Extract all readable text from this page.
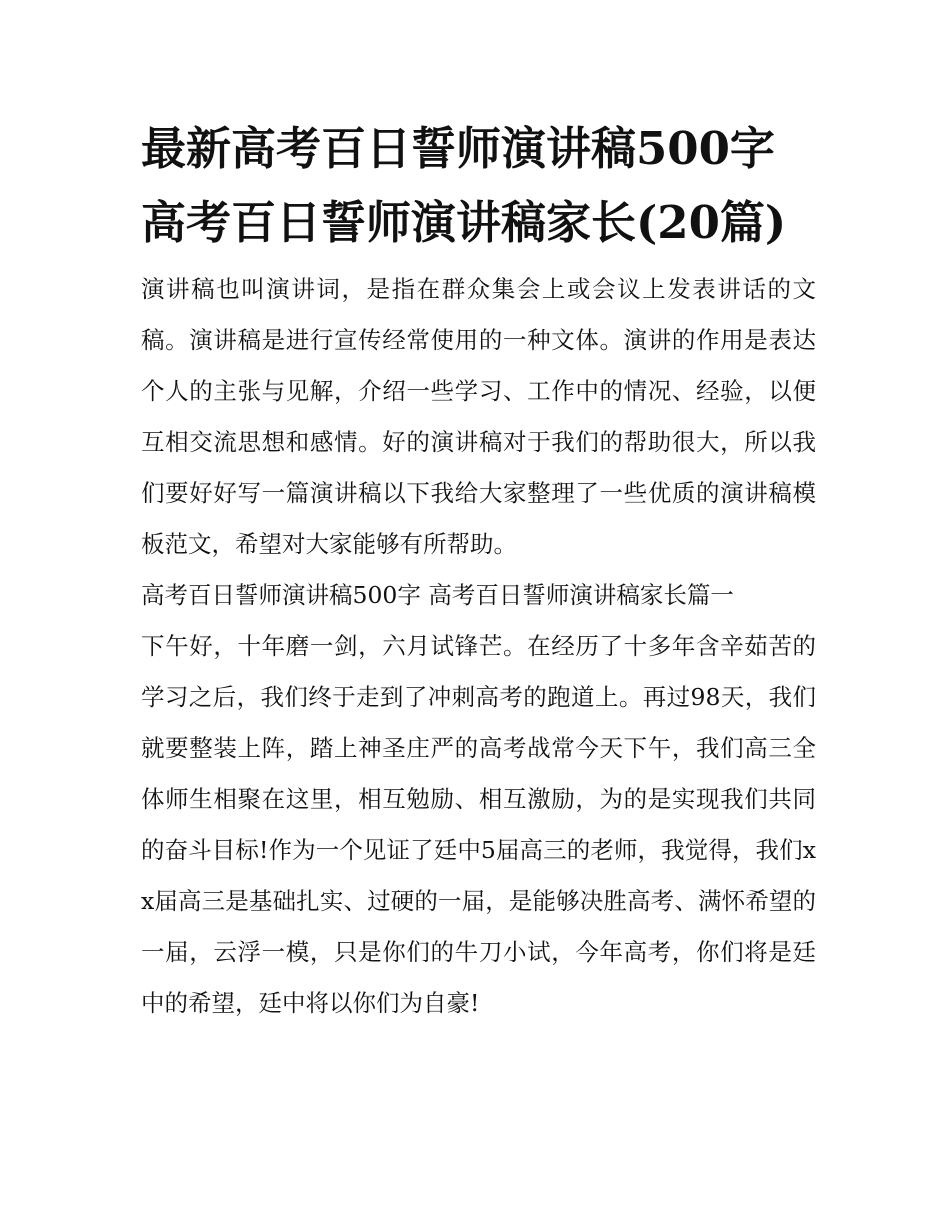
最新高考百日誓师演讲稿500字 高考百日誓师演讲稿家长(20篇)

演讲稿也叫演讲词，是指在群众集会上或会议上发表讲话的文稿。演讲稿是进行宣传经常使用的一种文体。演讲的作用是表达个人的主张与见解，介绍一些学习、工作中的情况、经验，以便互相交流思想和感情。好的演讲稿对于我们的帮助很大，所以我们要好好写一篇演讲稿以下我给大家整理了一些优质的演讲稿模板范文，希望对大家能够有所帮助。

高考百日誓师演讲稿500字 高考百日誓师演讲稿家长篇一

下午好，十年磨一剑，六月试锋芒。在经历了十多年含辛茹苦的学习之后，我们终于走到了冲刺高考的跑道上。再过98天，我们就要整装上阵，踏上神圣庄严的高考战常今天下午，我们高三全体师生相聚在这里，相互勉励、相互激励，为的是实现我们共同的奋斗目标!作为一个见证了廷中5届高三的老师，我觉得，我们xx届高三是基础扎实、过硬的一届，是能够决胜高考、满怀希望的一届，云浮一模，只是你们的牛刀小试，今年高考，你们将是廷中的希望，廷中将以你们为自豪!
